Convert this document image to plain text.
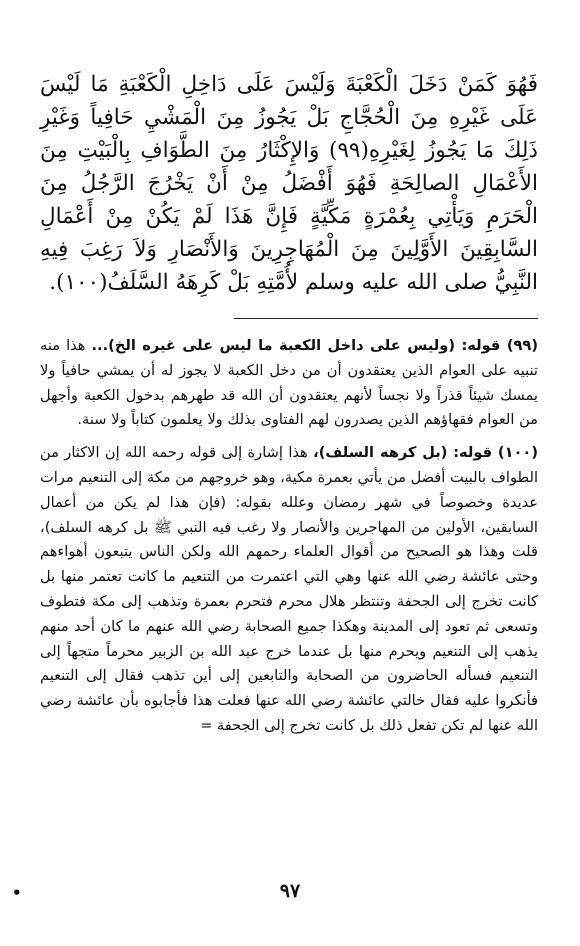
فَهُوَ كَمَنْ دَخَلَ الْكَعْبَةَ وَلَيْسَ عَلَى دَاخِلِ الْكَعْبَةِ مَا لَيْسَ عَلَى غَيْرِهِ مِنَ الْحُجَّاجِ بَلْ يَجُوزُ مِنَ الْمَشْيِ حَافِياً وَغَيْرِ ذَلِكَ مَا يَجُوزُ لِغَيْرِهِ(٩٩) وَالإِكْثَارُ مِنَ الطَّوَافِ بِالْبَيْتِ مِنَ الأَعْمَالِ الصالِحَةِ فَهُوَ أَفْضَلُ مِنْ أَنْ يَخْرُجَ الرَّجُلُ مِنَ الْحَرَمِ وَيَأْتِي بِعُمْرَةٍ مَكِّيَّةٍ فَإِنَّ هَذَا لَمْ يَكُنْ مِنْ أَعْمَالِ السَّابِقِينَ الأَوَّلِينَ مِنَ الْمُهَاجِرِينَ وَالأَنْصَارِ وَلاَ رَغِبَ فِيهِ النَّبِيُّ صلى الله عليه وسلم لأُمَّتِهِ بَلْ كَرِهَهُ السَّلَفُ(١٠٠).

(٩٩) قوله: (وليس على داخل الكعبة ما ليس على غيره الخ)... هذا منه تنبيه على العوام الذين يعتقدون أن من دخل الكعبة لا يجوز له أن يمشي حافياً ولا يمسك شيئاً قذراً ولا نجساً لأنهم يعتقدون أن الله قد طهرهم بدخول الكعبة وأجهل من العوام فقهاؤهم الذين يصدرون لهم الفتاوى بذلك ولا يعلمون كتاباً ولا سنة.

(١٠٠) قوله: (بل كرهه السلف)، هذا إشارة إلى قوله رحمه الله إن الاكثار من الطواف بالبيت أفضل من يأتي بعمرة مكية، وهو خروجهم من مكة إلى التنعيم مرات عديدة وخصوصاً في شهر رمضان وعلله بقوله: (فإن هذا لم يكن من أعمال السابقين، الأولين من المهاجرين والأنصار ولا رغب فيه النبي ﷺ بل كرهه السلف)، قلت وهذا هو الصحيح من أقوال العلماء رحمهم الله ولكن الناس يتبعون أهواءهم وحتى عائشة رضي الله عنها وهي التي اعتمرت من التنعيم ما كانت تعتمر منها بل كانت تخرج إلى الجحفة وتنتظر هلال محرم فتحرم بعمرة وتذهب إلى مكة فتطوف وتسعى ثم تعود إلى المدينة وهكذا جميع الصحابة رضي الله عنهم ما كان أحد منهم يذهب إلى التنعيم ويحرم منها بل عندما خرج عبد الله بن الزبير محرماً متجهاً إلى التنعيم فسأله الحاضرون من الصحابة والتابعين إلى أين تذهب فقال إلى التنعيم فأنكروا عليه فقال خالتي عائشة رضي الله عنها فعلت هذا فأجابوه بأن عائشة رضي الله عنها لم تكن تفعل ذلك بل كانت تخرج إلى الجحفة =

٩٧
•
